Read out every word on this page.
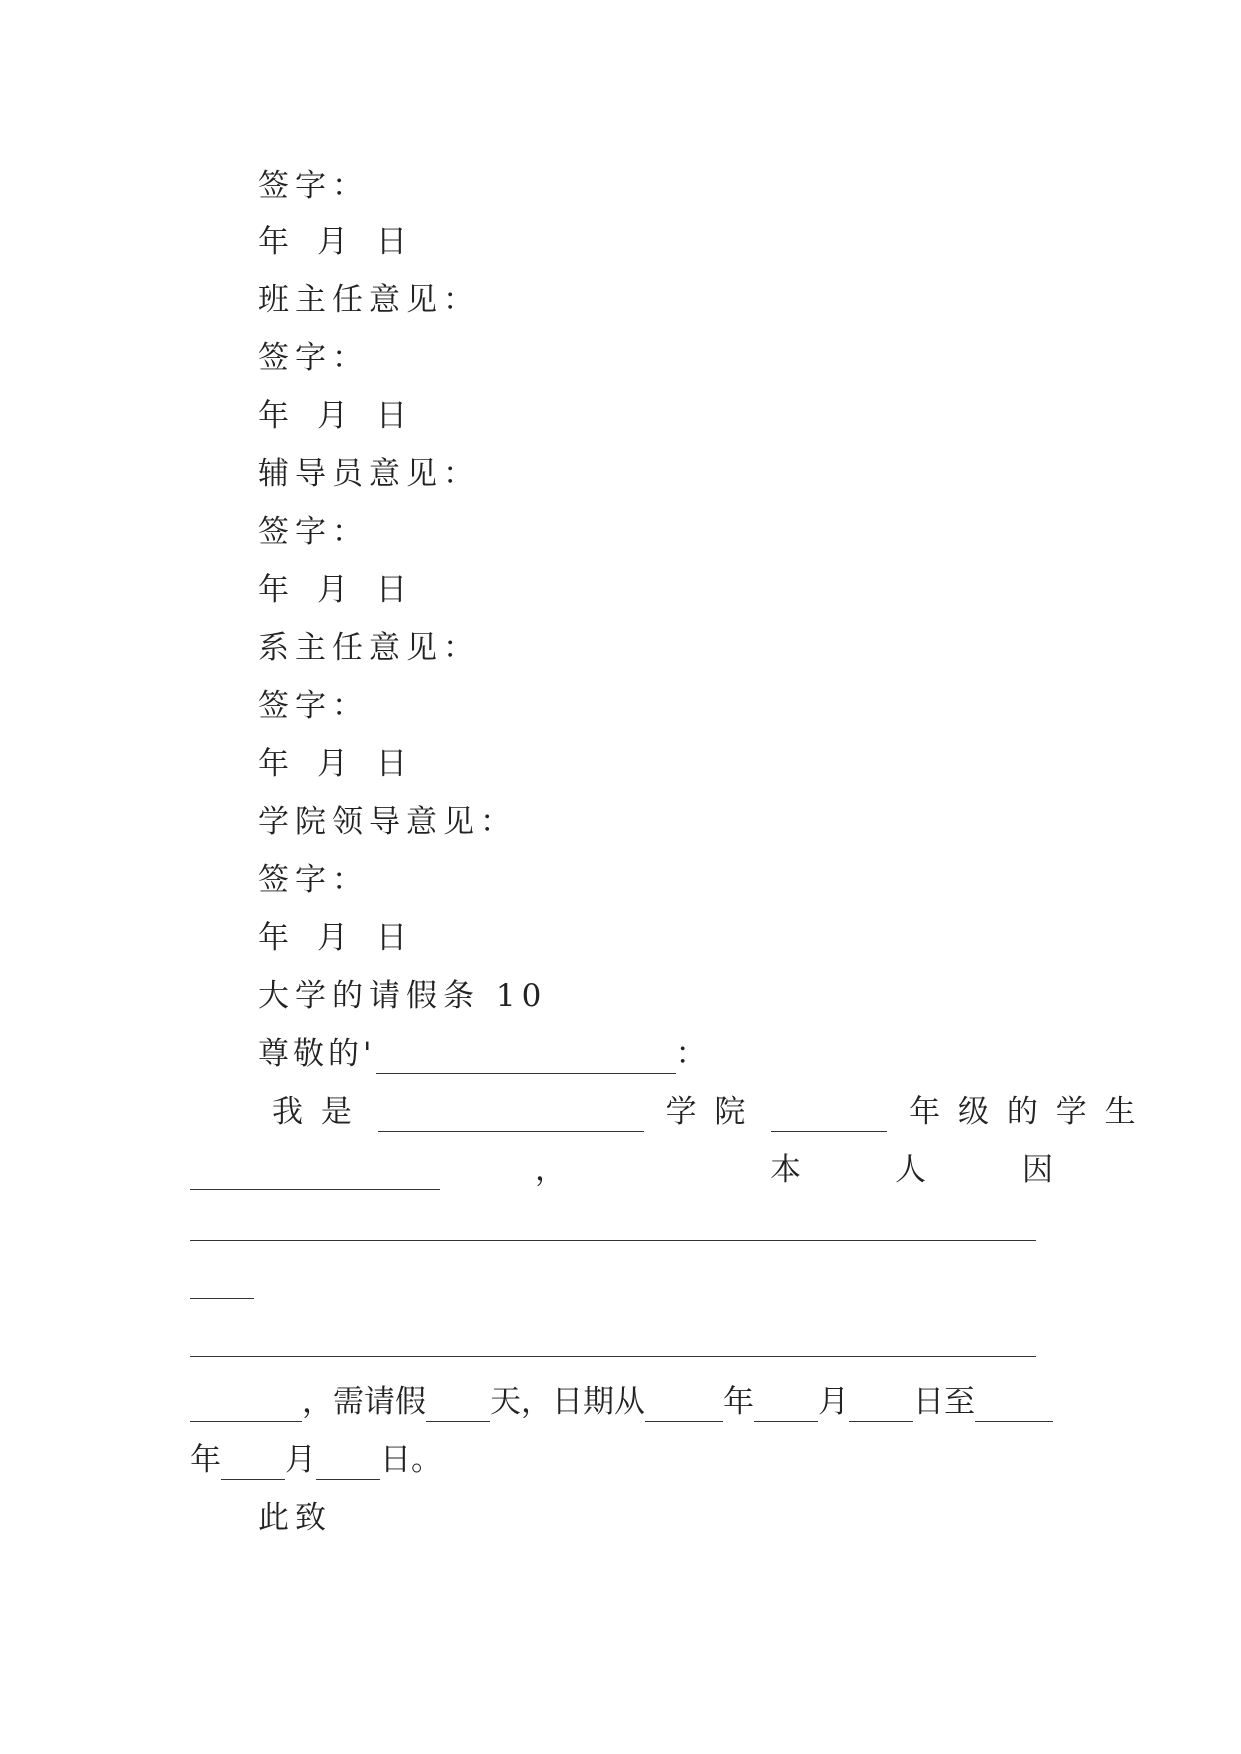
签字：
年 月 日
班主任意见：
签字：
年 月 日
辅导员意见：
签字：
年 月 日
系主任意见：
签字：
年 月 日
学院领导意见：
签字：
年 月 日
大学的请假条 10
尊敬的'	：
我 是	学 院	年 级 的 学 生
，	本	人	因
，需请假 天，日期从	年 月 日至
年 月 日。
此致
